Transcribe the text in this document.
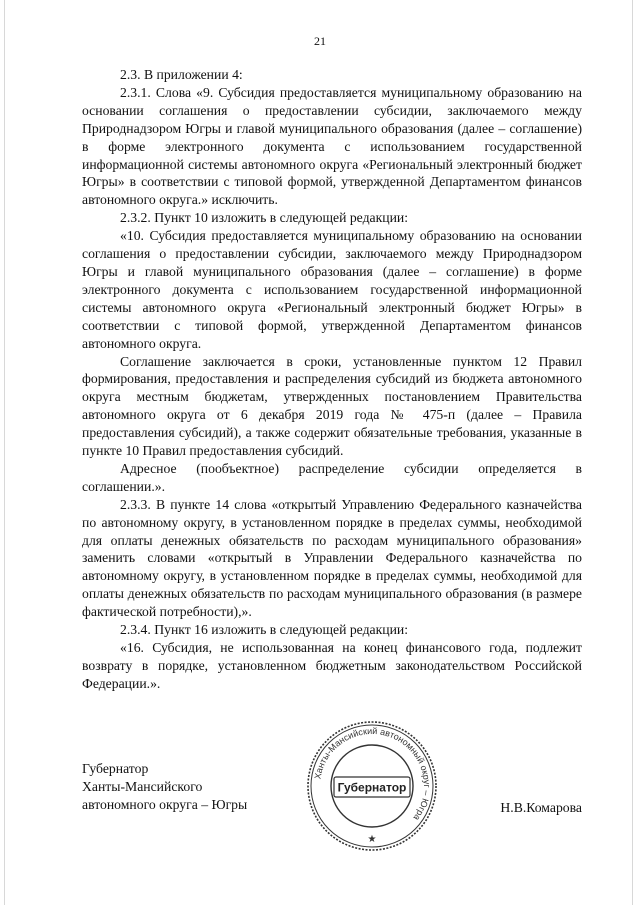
21

2.3. В приложении 4:

2.3.1. Слова «9. Субсидия предоставляется муниципальному образованию на основании соглашения о предоставлении субсидии, заключаемого между Природнадзором Югры и главой муниципального образования (далее – соглашение) в форме электронного документа с использованием государственной информационной системы автономного округа «Региональный электронный бюджет Югры» в соответствии с типовой формой, утвержденной Департаментом финансов автономного округа.» исключить.

2.3.2. Пункт 10 изложить в следующей редакции:

«10. Субсидия предоставляется муниципальному образованию на основании соглашения о предоставлении субсидии, заключаемого между Природнадзором Югры и главой муниципального образования (далее – соглашение) в форме электронного документа с использованием государственной информационной системы автономного округа «Региональный электронный бюджет Югры» в соответствии с типовой формой, утвержденной Департаментом финансов автономного округа.

Соглашение заключается в сроки, установленные пунктом 12 Правил формирования, предоставления и распределения субсидий из бюджета автономного округа местным бюджетам, утвержденных постановлением Правительства автономного округа от 6 декабря 2019 года № 475-п (далее – Правила предоставления субсидий), а также содержит обязательные требования, указанные в пункте 10 Правил предоставления субсидий.

Адресное (пообъектное) распределение субсидии определяется в соглашении.».

2.3.3. В пункте 14 слова «открытый Управлению Федерального казначейства по автономному округу, в установленном порядке в пределах суммы, необходимой для оплаты денежных обязательств по расходам муниципального образования» заменить словами «открытый в Управлении Федерального казначейства по автономному округу, в установленном порядке в пределах суммы, необходимой для оплаты денежных обязательств по расходам муниципального образования (в размере фактической потребности),».

2.3.4. Пункт 16 изложить в следующей редакции:

«16. Субсидия, не использованная на конец финансового года, подлежит возврату в порядке, установленном бюджетным законодательством Российской Федерации.».

Губернатор
Ханты-Мансийского
автономного округа – Югры	Н.В.Комарова
Ханты-Мансийский автономный округ – Югра
Губернатор
★
